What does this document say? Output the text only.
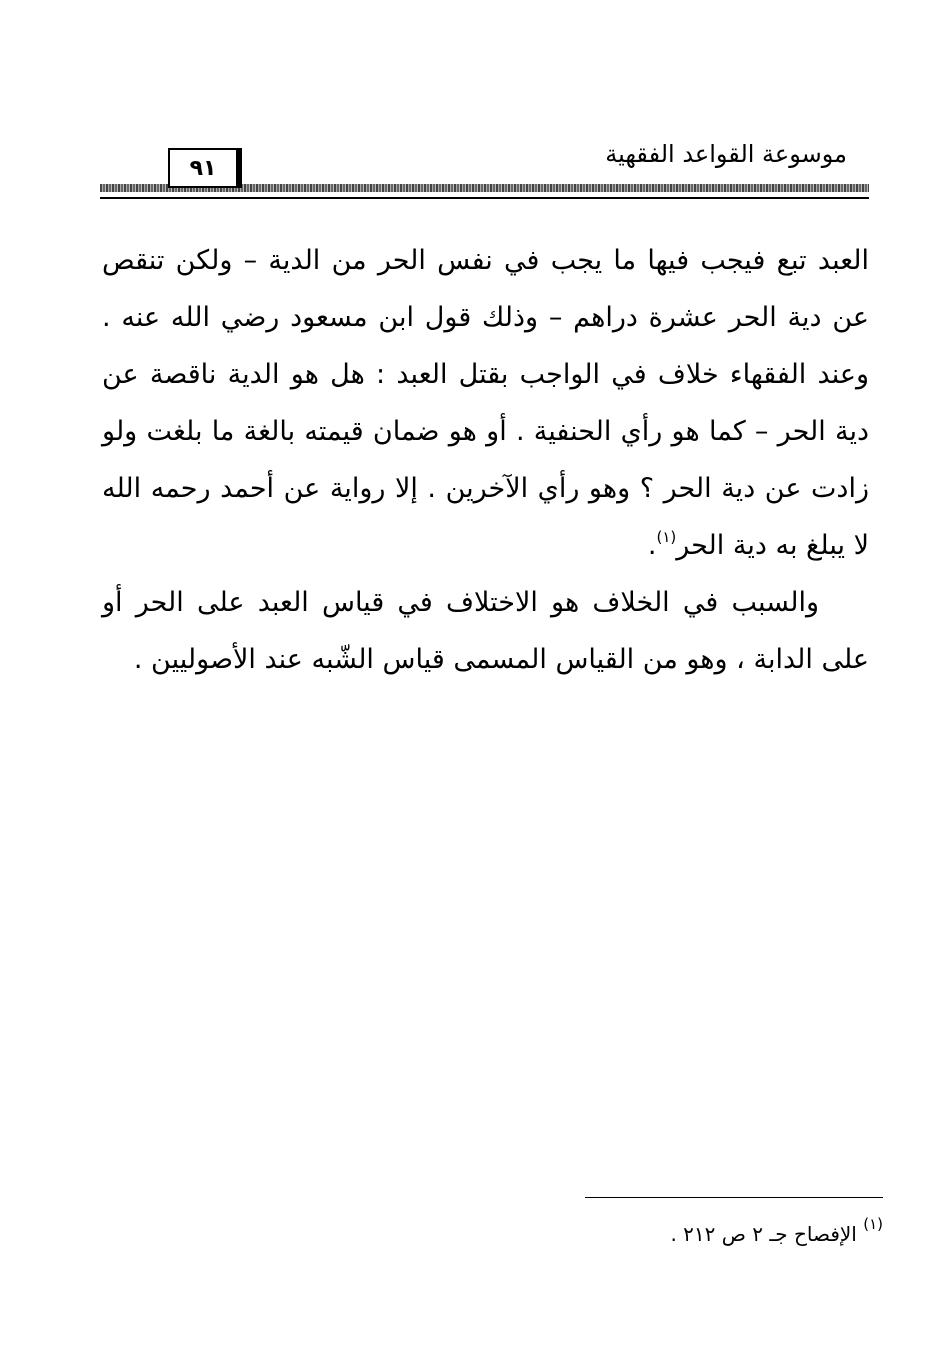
موسوعة القواعد الفقهية
٩١

العبد تبع فيجب فيها ما يجب في نفس الحر من الدية – ولكن تنقص عن دية الحر عشرة دراهم – وذلك قول ابن مسعود رضي الله عنه . وعند الفقهاء خلاف في الواجب بقتل العبد : هل هو الدية ناقصة عن دية الحر – كما هو رأي الحنفية . أو هو ضمان قيمته بالغة ما بلغت ولو زادت عن دية الحر ؟ وهو رأي الآخرين . إلا رواية عن أحمد رحمه الله لا يبلغ به دية الحر$^{(١)}$.

والسبب في الخلاف هو الاختلاف في قياس العبد على الحر أو على الدابة ، وهو من القياس المسمى قياس الشّبه عند الأصوليين .

$^{(١)}$ الإفصاح جـ ٢ ص ٢١٢ .
